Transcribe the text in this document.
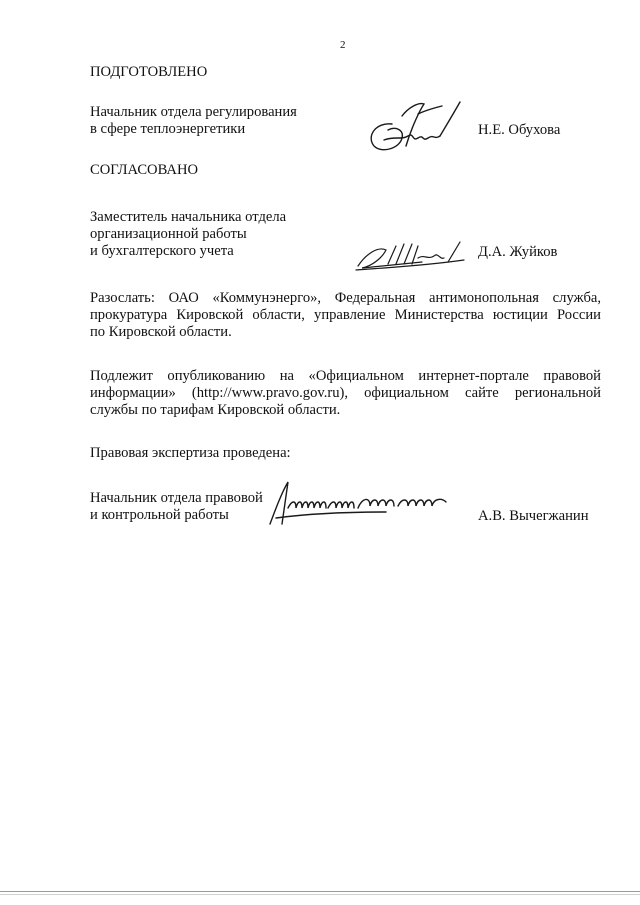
2
ПОДГОТОВЛЕНО
Начальник отдела регулирования
в сфере теплоэнергетики	Н.Е. Обухова
СОГЛАСОВАНО
Заместитель начальника отдела
организационной работы
и бухгалтерского учета	Д.А. Жуйков
Разослать: ОАО «Коммунэнерго», Федеральная антимонопольная служба,
прокуратура Кировской области, управление Министерства юстиции России
по Кировской области.
Подлежит опубликованию на «Официальном интернет-портале правовой
информации» (http://www.pravo.gov.ru), официальном сайте региональной
службы по тарифам Кировской области.
Правовая экспертиза проведена:
Начальник отдела правовой
и контрольной работы	А.В. Вычегжанин
